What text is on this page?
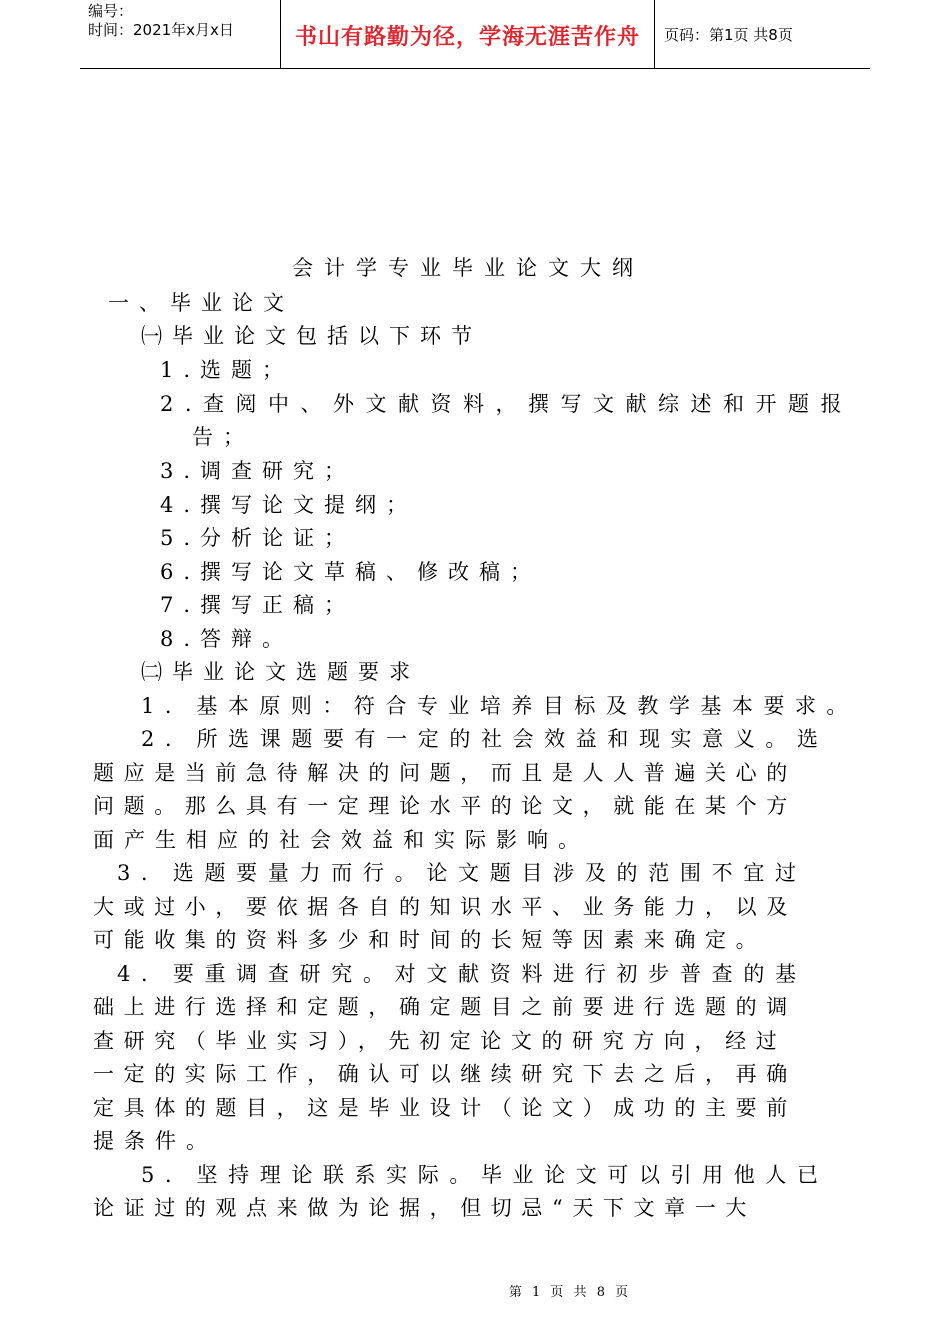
编号：
时间：2021年x月x日	书山有路勤为径，学海无涯苦作舟	页码：第1页 共8页
会计学专业毕业论文大纲
一、毕业论文
㈠毕业论文包括以下环节
1.选题；
2.查阅中、外文献资料，撰写文献综述和开题报
告；
3.调查研究；
4.撰写论文提纲；
5.分析论证；
6.撰写论文草稿、修改稿；
7.撰写正稿；
8.答辩。
㈡毕业论文选题要求
1．基本原则：符合专业培养目标及教学基本要求。
2．所选课题要有一定的社会效益和现实意义。选
题应是当前急待解决的问题，而且是人人普遍关心的
问题。那么具有一定理论水平的论文，就能在某个方
面产生相应的社会效益和实际影响。
3．选题要量力而行。论文题目涉及的范围不宜过
大或过小，要依据各自的知识水平、业务能力，以及
可能收集的资料多少和时间的长短等因素来确定。
4．要重调查研究。对文献资料进行初步普查的基
础上进行选择和定题，确定题目之前要进行选题的调
查研究（毕业实习），先初定论文的研究方向，经过
一定的实际工作，确认可以继续研究下去之后，再确
定具体的题目，这是毕业设计（论文）成功的主要前
提条件。
5．坚持理论联系实际。毕业论文可以引用他人已
论证过的观点来做为论据，但切忌“天下文章一大
第 1 页 共 8 页
